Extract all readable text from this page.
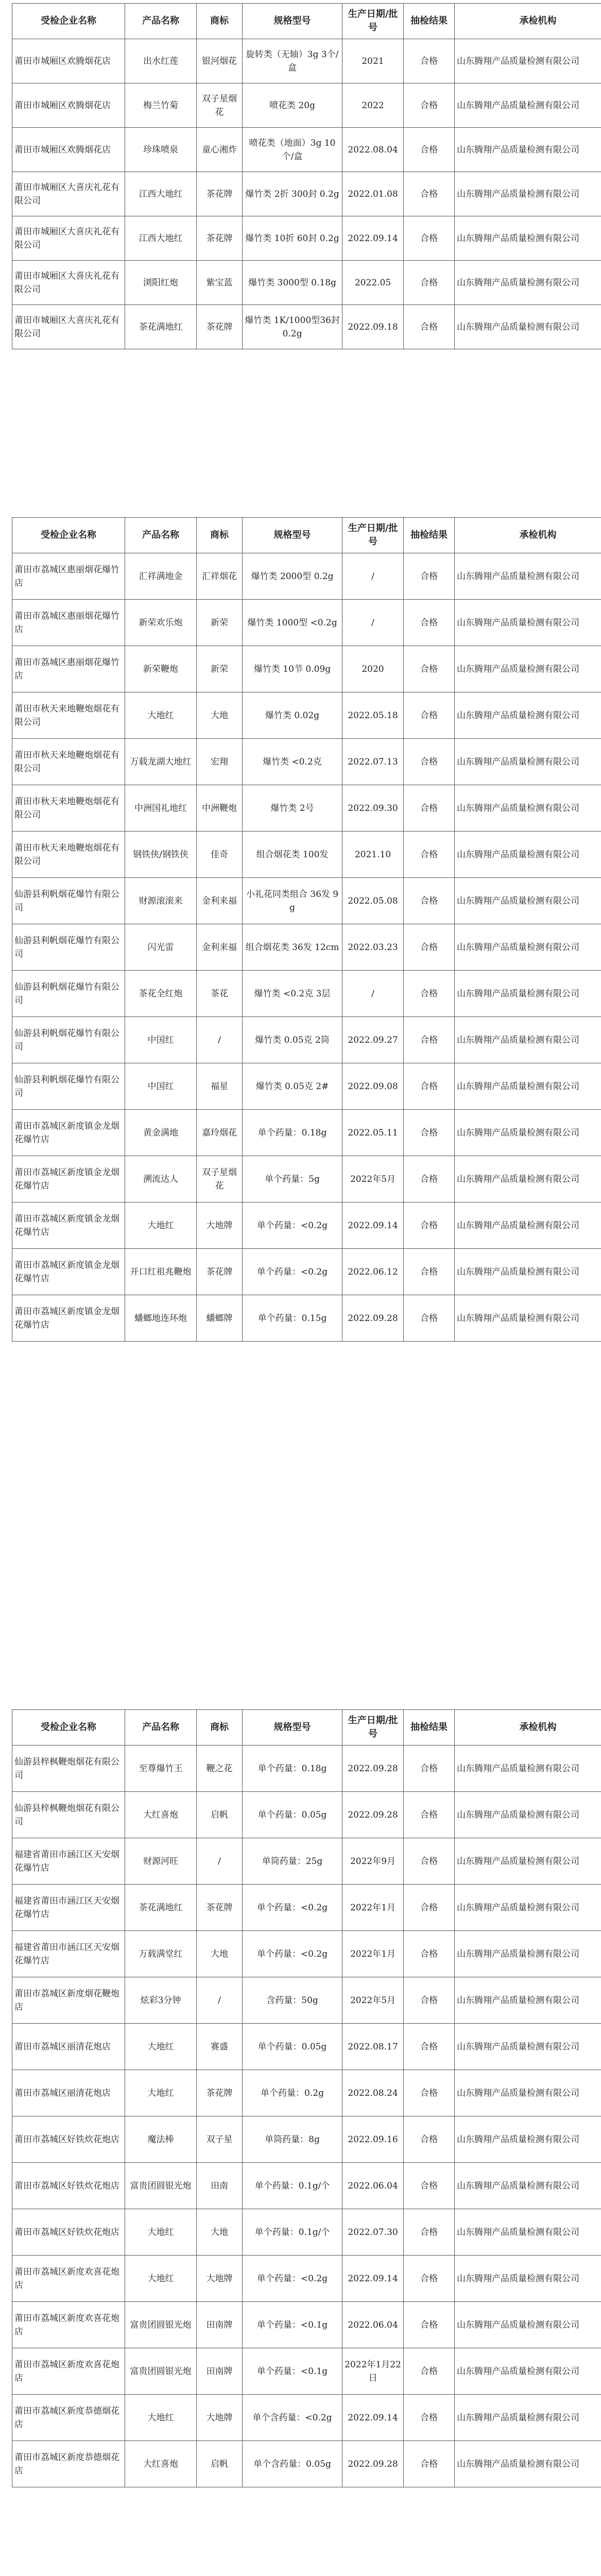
受检企业名称	产品名称	商标	规格型号	生产日期/批号	抽检结果	承检机构
莆田市城厢区欢腾烟花店	出水红莲	银河烟花	旋转类（无轴）3g 3个/盒	2021	合格	山东腾翔产品质量检测有限公司
莆田市城厢区欢腾烟花店	梅兰竹菊	双子星烟花	喷花类 20g	2022	合格	山东腾翔产品质量检测有限公司
莆田市城厢区欢腾烟花店	珍珠喷泉	童心湘炸	喷花类（地面）3g 10个/盒	2022.08.04	合格	山东腾翔产品质量检测有限公司
莆田市城厢区大喜庆礼花有限公司	江西大地红	茶花牌	爆竹类 2折 300封 0.2g	2022.01.08	合格	山东腾翔产品质量检测有限公司
莆田市城厢区大喜庆礼花有限公司	江西大地红	茶花牌	爆竹类 10折 60封 0.2g	2022.09.14	合格	山东腾翔产品质量检测有限公司
莆田市城厢区大喜庆礼花有限公司	浏阳红炮	紫宝蓝	爆竹类 3000型 0.18g	2022.05	合格	山东腾翔产品质量检测有限公司
莆田市城厢区大喜庆礼花有限公司	茶花满地红	茶花牌	爆竹类 1K/1000型36封 0.2g	2022.09.18	合格	山东腾翔产品质量检测有限公司
受检企业名称	产品名称	商标	规格型号	生产日期/批号	抽检结果	承检机构
莆田市荔城区惠丽烟花爆竹店	汇祥满地金	汇祥烟花	爆竹类 2000型 0.2g	/	合格	山东腾翔产品质量检测有限公司
莆田市荔城区惠丽烟花爆竹店	新荣欢乐炮	新荣	爆竹类 1000型 <0.2g	/	合格	山东腾翔产品质量检测有限公司
莆田市荔城区惠丽烟花爆竹店	新荣鞭炮	新荣	爆竹类 10节 0.09g	2020	合格	山东腾翔产品质量检测有限公司
莆田市秋天来地鞭炮烟花有限公司	大地红	大地	爆竹类 0.02g	2022.05.18	合格	山东腾翔产品质量检测有限公司
莆田市秋天来地鞭炮烟花有限公司	万载龙湖大地红	宏翔	爆竹类 <0.2克	2022.07.13	合格	山东腾翔产品质量检测有限公司
莆田市秋天来地鞭炮烟花有限公司	中洲国礼地红	中洲鞭炮	爆竹类 2号	2022.09.30	合格	山东腾翔产品质量检测有限公司
莆田市秋天来地鞭炮烟花有限公司	钢铁侠/钢铁侠	佳奇	组合烟花类 100发	2021.10	合格	山东腾翔产品质量检测有限公司
仙游县利帆烟花爆竹有限公司	财源滚滚来	金利来福	小礼花同类组合 36发 9g	2022.05.08	合格	山东腾翔产品质量检测有限公司
仙游县利帆烟花爆竹有限公司	闪光雷	金利来福	组合烟花类 36发 12cm	2022.03.23	合格	山东腾翔产品质量检测有限公司
仙游县利帆烟花爆竹有限公司	茶花全红炮	茶花	爆竹类 <0.2克 3层	/	合格	山东腾翔产品质量检测有限公司
仙游县利帆烟花爆竹有限公司	中国红	/	爆竹类 0.05克 2筒	2022.09.27	合格	山东腾翔产品质量检测有限公司
仙游县利帆烟花爆竹有限公司	中国红	福星	爆竹类 0.05克 2#	2022.09.08	合格	山东腾翔产品质量检测有限公司
莆田市荔城区新度镇金龙烟花爆竹店	黄金满地	嘉玲烟花	单个药量：0.18g	2022.05.11	合格	山东腾翔产品质量检测有限公司
莆田市荔城区新度镇金龙烟花爆竹店	溯流达人	双子星烟花	单个药量：5g	2022年5月	合格	山东腾翔产品质量检测有限公司
莆田市荔城区新度镇金龙烟花爆竹店	大地红	大地牌	单个药量：<0.2g	2022.09.14	合格	山东腾翔产品质量检测有限公司
莆田市荔城区新度镇金龙烟花爆竹店	开口红祖兆鞭炮	茶花牌	单个药量：<0.2g	2022.06.12	合格	山东腾翔产品质量检测有限公司
莆田市荔城区新度镇金龙烟花爆竹店	蟠螂地连环炮	蟠螂牌	单个药量：0.15g	2022.09.28	合格	山东腾翔产品质量检测有限公司
受检企业名称	产品名称	商标	规格型号	生产日期/批号	抽检结果	承检机构
仙游县梓枫鞭炮烟花有限公司	至尊爆竹王	鞭之花	单个药量：0.18g	2022.09.28	合格	山东腾翔产品质量检测有限公司
仙游县梓枫鞭炮烟花有限公司	大红喜炮	启帆	单个药量：0.05g	2022.09.28	合格	山东腾翔产品质量检测有限公司
福建省莆田市涵江区天安烟花爆竹店	财源河旺	/	单筒药量：25g	2022年9月	合格	山东腾翔产品质量检测有限公司
福建省莆田市涵江区天安烟花爆竹店	茶花满地红	茶花牌	单个药量：<0.2g	2022年1月	合格	山东腾翔产品质量检测有限公司
福建省莆田市涵江区天安烟花爆竹店	万载满堂红	大地	单个药量：<0.2g	2022年1月	合格	山东腾翔产品质量检测有限公司
莆田市荔城区新度烟花鞭炮店	炫彩3分钟	/	含药量：50g	2022年5月	合格	山东腾翔产品质量检测有限公司
莆田市荔城区丽清花炮店	大地红	赛盛	单个药量：0.05g	2022.08.17	合格	山东腾翔产品质量检测有限公司
莆田市荔城区丽清花炮店	大地红	茶花牌	单个药量：0.2g	2022.08.24	合格	山东腾翔产品质量检测有限公司
莆田市荔城区好铁炊花炮店	魔法棒	双子星	单筒药量：8g	2022.09.16	合格	山东腾翔产品质量检测有限公司
莆田市荔城区好铁炊花炮店	富贵团圆银光炮	田南	单个药量：0.1g/个	2022.06.04	合格	山东腾翔产品质量检测有限公司
莆田市荔城区好铁炊花炮店	大地红	大地	单个药量：0.1g/个	2022.07.30	合格	山东腾翔产品质量检测有限公司
莆田市荔城区新度欢喜花炮店	大地红	大地牌	单个药量：<0.2g	2022.09.14	合格	山东腾翔产品质量检测有限公司
莆田市荔城区新度欢喜花炮店	富贵团圆银光炮	田南牌	单个药量：<0.1g	2022.06.04	合格	山东腾翔产品质量检测有限公司
莆田市荔城区新度欢喜花炮店	富贵团圆银光炮	田南牌	单个药量：<0.1g	2022年1月22日	合格	山东腾翔产品质量检测有限公司
莆田市荔城区新度恭德烟花店	大地红	大地牌	单个含药量：<0.2g	2022.09.14	合格	山东腾翔产品质量检测有限公司
莆田市荔城区新度恭德烟花店	大红喜炮	启帆	单个含药量：0.05g	2022.09.28	合格	山东腾翔产品质量检测有限公司
